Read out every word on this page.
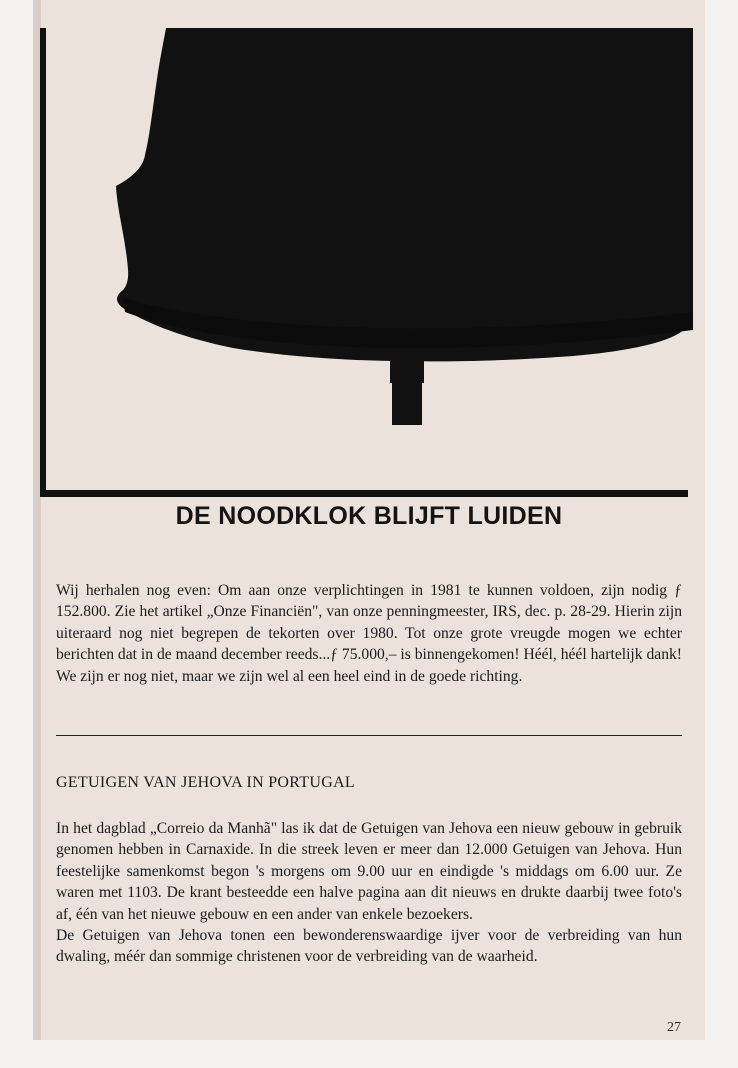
DE NOODKLOK BLIJFT LUIDEN

Wij herhalen nog even: Om aan onze verplichtingen in 1981 te kunnen voldoen, zijn nodig ƒ 152.800. Zie het artikel „Onze Financiën", van onze penningmeester, IRS, dec. p. 28-29. Hierin zijn uiteraard nog niet begrepen de tekorten over 1980. Tot onze grote vreugde mogen we echter berichten dat in de maand december reeds...ƒ 75.000,– is binnengekomen! Héél, héél hartelijk dank! We zijn er nog niet, maar we zijn wel al een heel eind in de goede richting.

GETUIGEN VAN JEHOVA IN PORTUGAL

In het dagblad „Correio da Manhã" las ik dat de Getuigen van Jehova een nieuw gebouw in gebruik genomen hebben in Carnaxide. In die streek leven er meer dan 12.000 Getuigen van Jehova. Hun feestelijke samenkomst begon 's morgens om 9.00 uur en eindigde 's middags om 6.00 uur. Ze waren met 1103. De krant besteedde een halve pagina aan dit nieuws en drukte daarbij twee foto's af, één van het nieuwe gebouw en een ander van enkele bezoekers.

De Getuigen van Jehova tonen een bewonderenswaardige ijver voor de verbreiding van hun dwaling, méér dan sommige christenen voor de verbreiding van de waarheid.

27
